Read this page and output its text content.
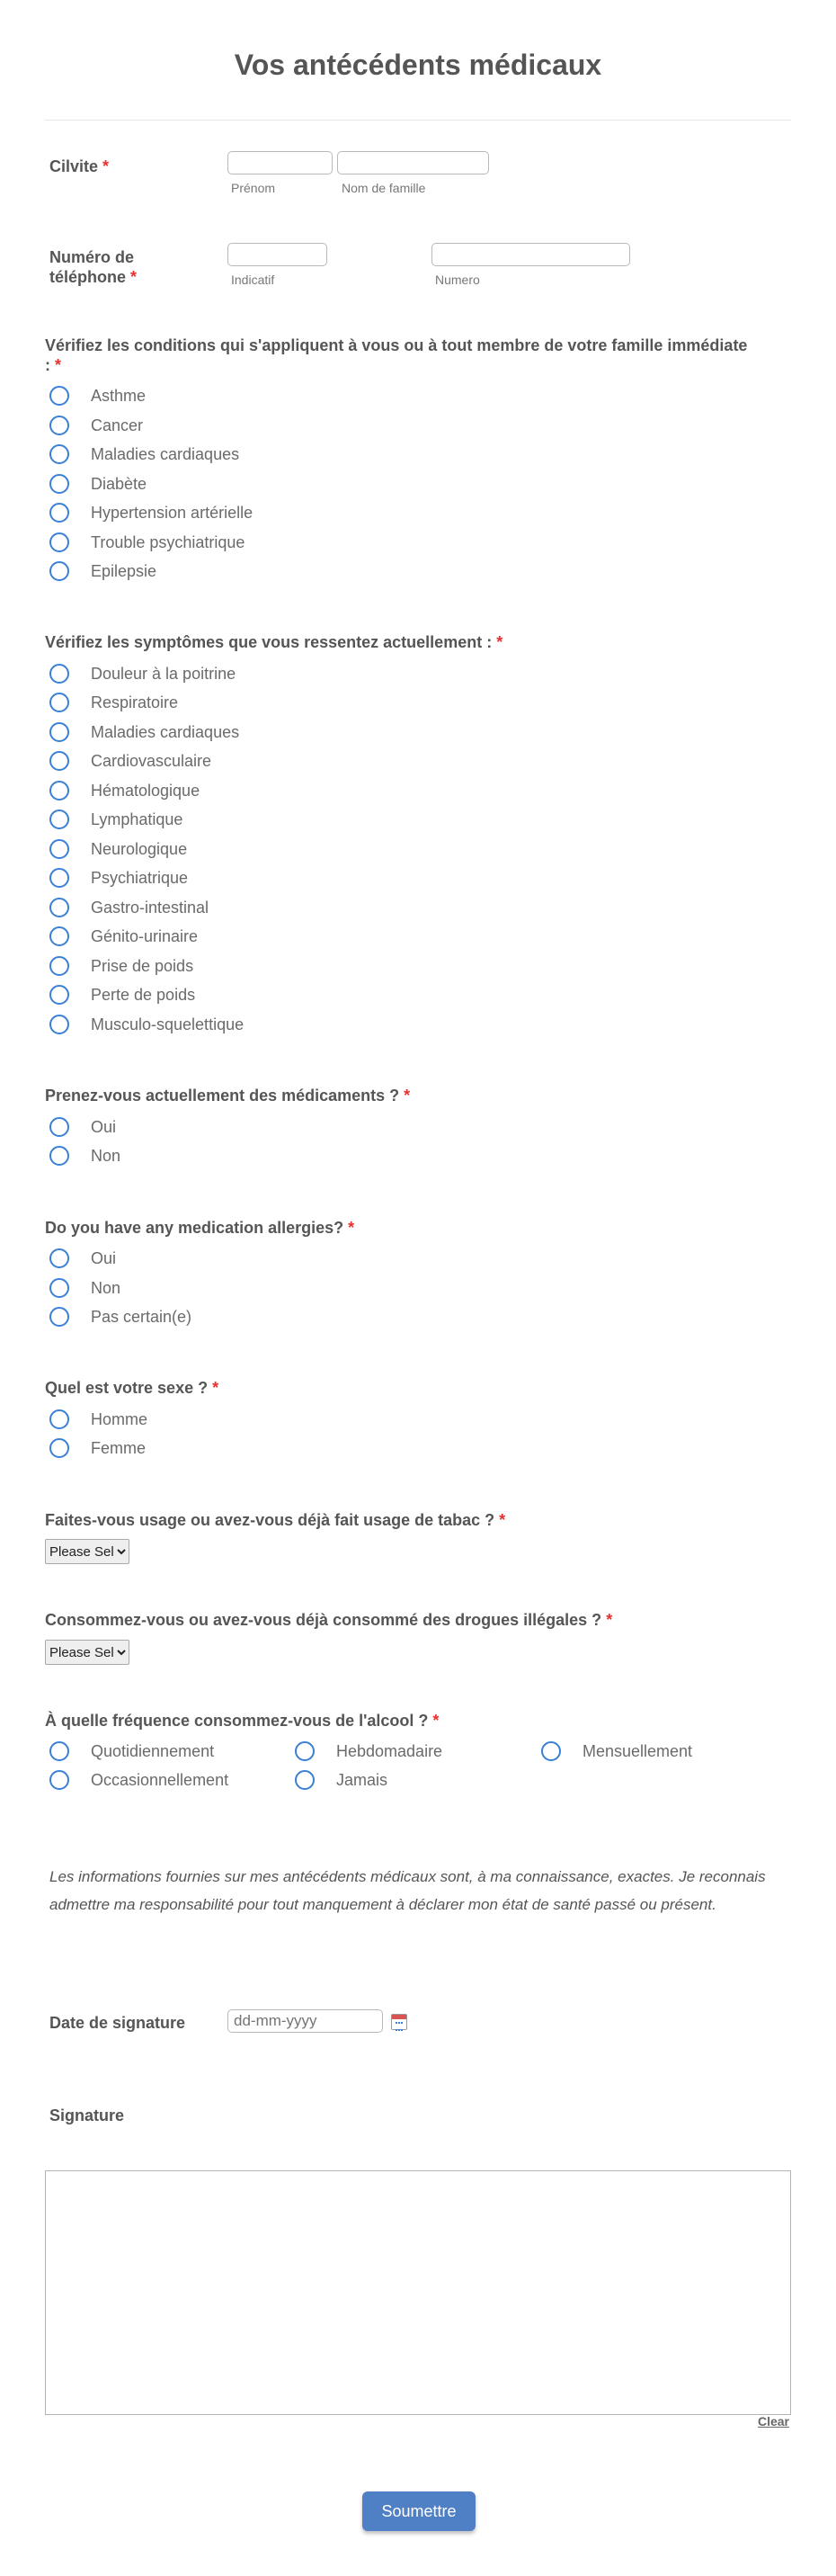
Vos antécédents médicaux
Cilvite *
Prénom	Nom de famille
Numéro de
téléphone *	Indicatif	Numero
Vérifiez les conditions qui s'appliquent à vous ou à tout membre de votre famille immédiate
: *
Asthme
Cancer
Maladies cardiaques
Diabète
Hypertension artérielle
Trouble psychiatrique
Epilepsie
Vérifiez les symptômes que vous ressentez actuellement : *
Douleur à la poitrine
Respiratoire
Maladies cardiaques
Cardiovasculaire
Hématologique
Lymphatique
Neurologique
Psychiatrique
Gastro-intestinal
Génito-urinaire
Prise de poids
Perte de poids
Musculo-squelettique
Prenez-vous actuellement des médicaments ? *
Oui
Non
Do you have any medication allergies? *
Oui
Non
Pas certain(e)
Quel est votre sexe ? *
Homme
Femme
Faites-vous usage ou avez-vous déjà fait usage de tabac ? *
Please Select
Consommez-vous ou avez-vous déjà consommé des drogues illégales ? *
Please Select
À quelle fréquence consommez-vous de l'alcool ? *
Quotidiennement	Hebdomadaire	Mensuellement
Occasionnellement	Jamais

Les informations fournies sur mes antécédents médicaux sont, à ma connaissance, exactes. Je reconnais admettre ma responsabilité pour tout manquement à déclarer mon état de santé passé ou présent.

Date de signature
dd-mm-yyyy
Signature
Clear
Soumettre
